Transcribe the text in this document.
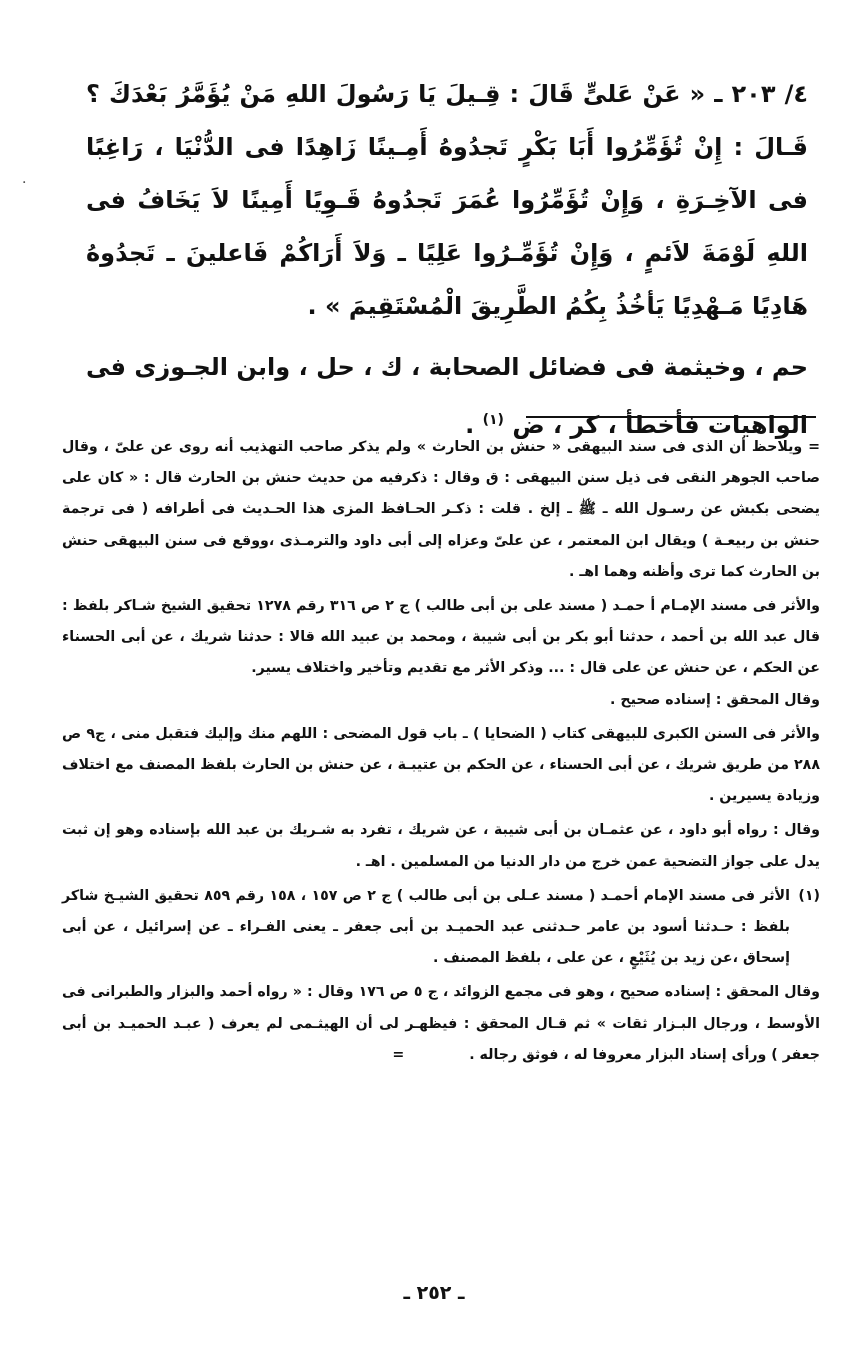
٤/ ٢٠٣ ـ « عَنْ عَلىٍّ قَالَ : قِـيلَ يَا رَسُولَ اللهِ مَنْ يُؤَمَّرُ بَعْدَكَ ؟ قَـالَ : إِنْ تُؤَمِّرُوا أَبَا بَكْرٍ تَجدُوهُ أَمِـينًا زَاهِدًا فى الدُّنْيَا ، رَاغِبًا فى الآخِـرَةِ ، وَإِنْ تُؤَمِّرُوا عُمَرَ تَجدُوهُ قَـوِيًا أَمِينًا لاَ يَخَافُ فى اللهِ لَوْمَةَ لاَئمٍ ، وَإِنْ تُؤَمِّـرُوا عَلِيًا ـ وَلاَ أَرَاكُمْ فَاعلينَ ـ تَجدُوهُ هَادِيًا مَـهْدِيًا يَأخُذُ بِكُمُ الطَّرِيقَ الْمُسْتَقِيمَ » .

حم ، وخيثمة فى فضائل الصحابة ، ك ، حل ، وابن الجـوزى فى الواهيات فأخطأ ، كر ، ض $^{(١)}$ .

= ويلاحظ أن الذى فى سند البيهقى « حنش بن الحارث » ولم يذكر صاحب التهذيب أنه روى عن علىّ ، وقال صاحب الجوهر النقى فى ذيل سنن البيهقى : ق وقال : ذكرفيه من حديث حنش بن الحارث قال : « كان على يضحى بكبش عن رسـول الله ـ ﷺ ـ إلخ . قلت : ذكـر الحـافظ المزى هذا الحـديث فى أطرافه ( فى ترجمة حنش بن ربيعـة ) ويقال ابن المعتمر ، عن علىّ وعزاه إلى أبى داود والترمـذى ،ووقع فى سنن البيهقى حنش بن الحارث كما ترى وأظنه وهما اهـ .

والأثر فى مسند الإمـام أ حمـد ( مسند على بن أبى طالب ) ج ٢ ص ٣١٦ رقم ١٢٧٨ تحقيق الشيخ شـاكر بلفظ : قال عبد الله بن أحمد ، حدثنا أبو بكر بن أبى شيبة ، ومحمد بن عبيد الله قالا : حدثنا شريك ، عن أبى الحسناء عن الحكم ، عن حنش عن على قال : ... وذكر الأثر مع تقديم وتأخير واختلاف يسير.

وقال المحقق : إسناده صحيح .

والأثر فى السنن الكبرى للبيهقى كتاب ( الضحايا ) ـ باب قول المضحى : اللهم منك وإليك فتقبل منى ، ج٩ ص ٢٨٨ من طريق شريك ، عن أبى الحسناء ، عن الحكم بن عتيبـة ، عن حنش بن الحارث بلفظ المصنف مع اختلاف وزيادة يسيرين .

وقال : رواه أبو داود ، عن عثمـان بن أبى شيبة ، عن شريك ، تفرد به شـريك بن عبد الله بإسناده وهو إن ثبت يدل على جواز التضحية عمن خرج من دار الدنيا من المسلمين . اهـ .

(١)
الأثر فى مسند الإمام أحمـد ( مسند عـلى بن أبى طالب ) ج ٢ ص ١٥٧ ، ١٥٨ رقم ٨٥٩ تحقيق الشيـخ شاكر بلفظ : حـدثنا أسود بن عامر حـدثنى عبد الحميـد بن أبى جعفر ـ يعنى الفـراء ـ عن إسرائيل ، عن أبى إسحاق ،عن زيد بن يُثَيْعٍ ، عن على ، بلفظ المصنف .

وقال المحقق : إسناده صحيح ، وهو فى مجمع الزوائد ، ج ٥ ص ١٧٦ وقال : « رواه أحمد والبزار والطبرانى فى الأوسط ، ورجال البـزار ثقات » ثم قـال المحقق : فيظهـر لى أن الهيثـمى لم يعرف ( عبـد الحميـد بن أبى جعفر ) ورأى إسناد البزار معروفا له ، فوثق رجاله . =

ـ ٢٥٢ ـ
·
